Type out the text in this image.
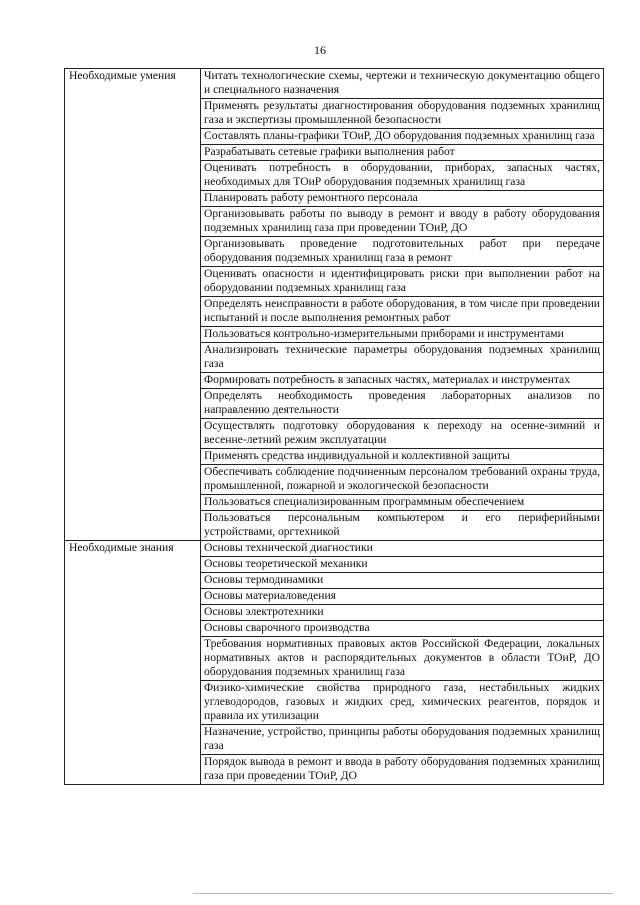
16
Необходимые умения	Читать технологические схемы, чертежи и техническую документацию общего и специального назначения
	Применять результаты диагностирования оборудования подземных хранилищ газа и экспертизы промышленной безопасности
	Составлять планы-графики ТОиР, ДО оборудования подземных хранилищ газа
	Разрабатывать сетевые графики выполнения работ
	Оценивать потребность в оборудовании, приборах, запасных частях, необходимых для ТОиР оборудования подземных хранилищ газа
	Планировать работу ремонтного персонала
	Организовывать работы по выводу в ремонт и вводу в работу оборудования подземных хранилищ газа при проведении ТОиР, ДО
	Организовывать проведение подготовительных работ при передаче оборудования подземных хранилищ газа в ремонт
	Оценивать опасности и идентифицировать риски при выполнении работ на оборудовании подземных хранилищ газа
	Определять неисправности в работе оборудования, в том числе при проведении испытаний и после выполнения ремонтных работ
	Пользоваться контрольно-измерительными приборами и инструментами
	Анализировать технические параметры оборудования подземных хранилищ газа
	Формировать потребность в запасных частях, материалах и инструментах
	Определять необходимость проведения лабораторных анализов по направлению деятельности
	Осуществлять подготовку оборудования к переходу на осенне-зимний и весенне-летний режим эксплуатации
	Применять средства индивидуальной и коллективной защиты
	Обеспечивать соблюдение подчиненным персоналом требований охраны труда, промышленной, пожарной и экологической безопасности
	Пользоваться специализированным программным обеспечением
	Пользоваться персональным компьютером и его периферийными устройствами, оргтехникой
Необходимые знания	Основы технической диагностики
	Основы теоретической механики
	Основы термодинамики
	Основы материаловедения
	Основы электротехники
	Основы сварочного производства
	Требования нормативных правовых актов Российской Федерации, локальных нормативных актов и распорядительных документов в области ТОиР, ДО оборудования подземных хранилищ газа
	Физико-химические свойства природного газа, нестабильных жидких углеводородов, газовых и жидких сред, химических реагентов, порядок и правила их утилизации
	Назначение, устройство, принципы работы оборудования подземных хранилищ газа
	Порядок вывода в ремонт и ввода в работу оборудования подземных хранилищ газа при проведении ТОиР, ДО
